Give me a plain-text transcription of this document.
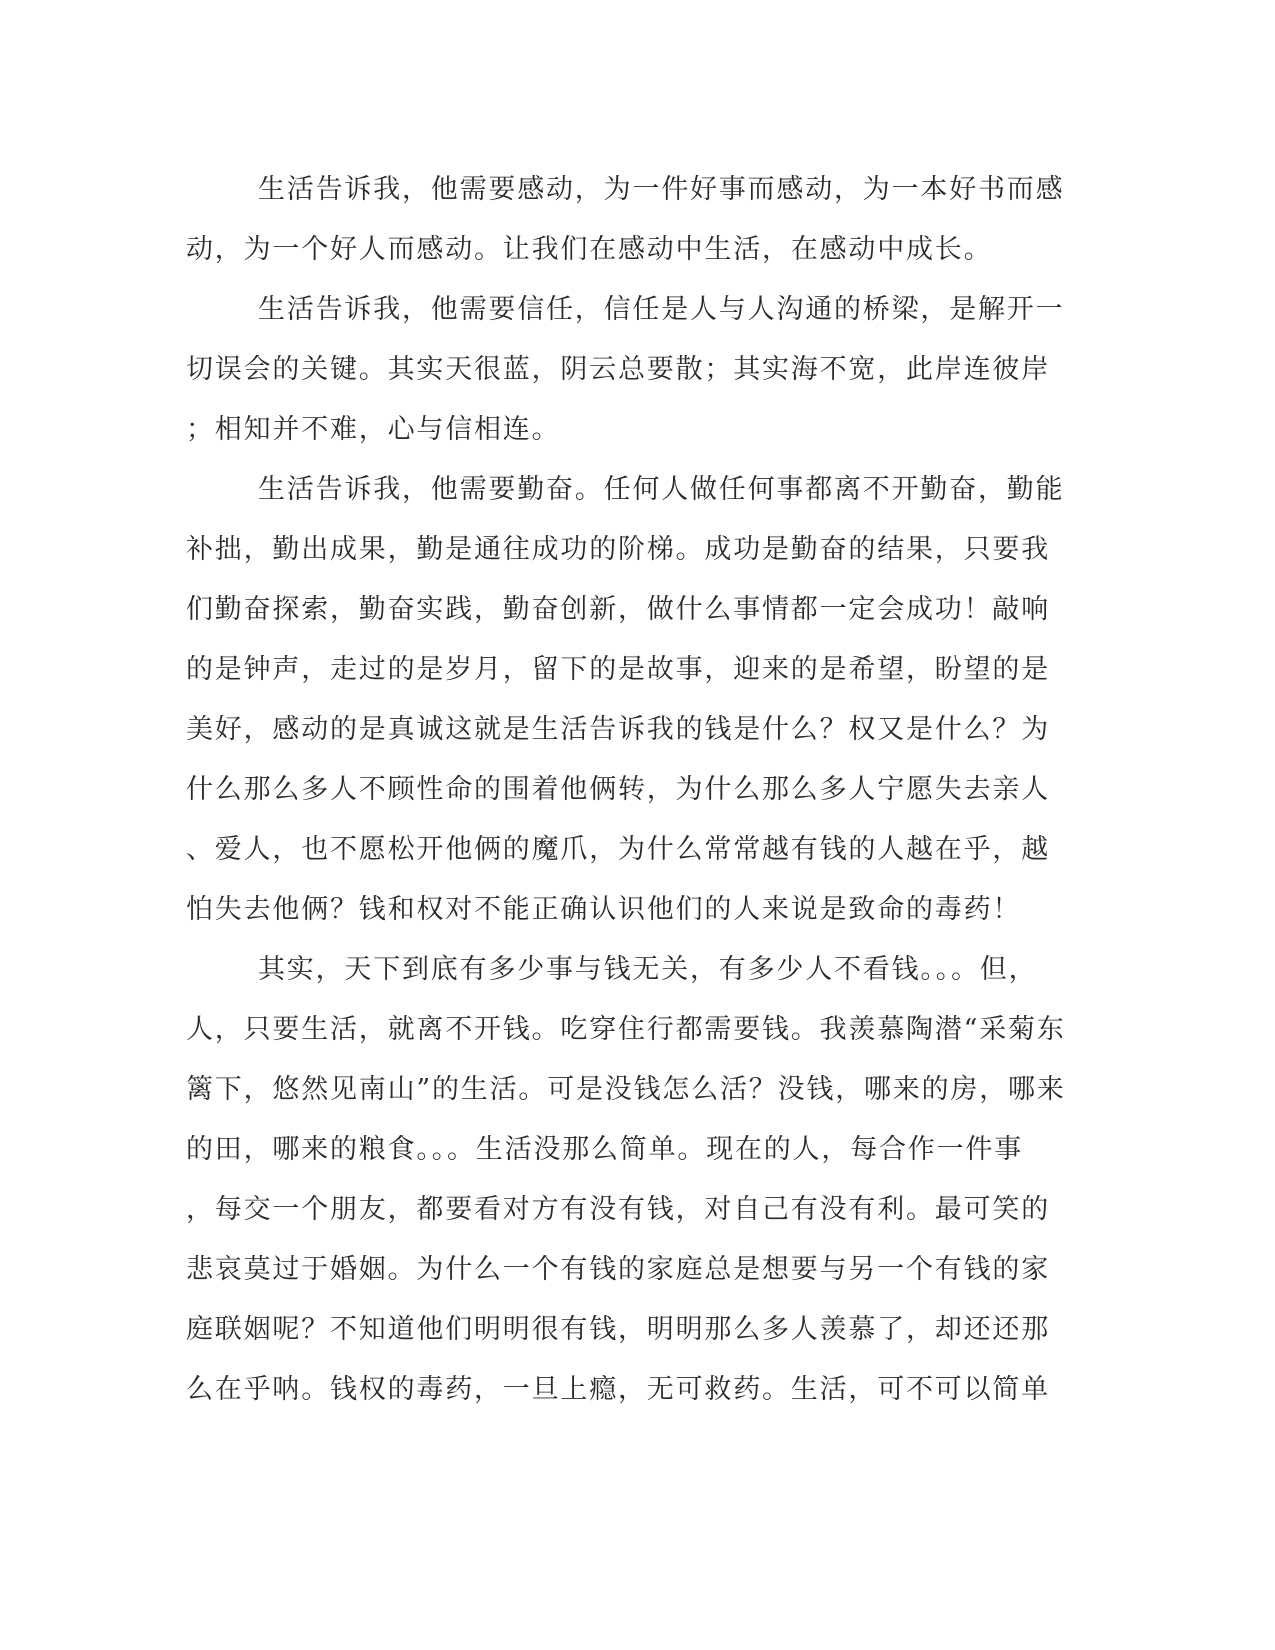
生活告诉我，他需要感动，为一件好事而感动，为一本好书而感
动，为一个好人而感动。让我们在感动中生活，在感动中成长。
生活告诉我，他需要信任，信任是人与人沟通的桥梁，是解开一
切误会的关键。其实天很蓝，阴云总要散；其实海不宽，此岸连彼岸
；相知并不难，心与信相连。
生活告诉我，他需要勤奋。任何人做任何事都离不开勤奋，勤能
补拙，勤出成果，勤是通往成功的阶梯。成功是勤奋的结果，只要我
们勤奋探索，勤奋实践，勤奋创新，做什么事情都一定会成功！敲响
的是钟声，走过的是岁月，留下的是故事，迎来的是希望，盼望的是
美好，感动的是真诚这就是生活告诉我的钱是什么？权又是什么？为
什么那么多人不顾性命的围着他俩转，为什么那么多人宁愿失去亲人
、爱人，也不愿松开他俩的魔爪，为什么常常越有钱的人越在乎，越
怕失去他俩？钱和权对不能正确认识他们的人来说是致命的毒药！
其实，天下到底有多少事与钱无关，有多少人不看钱。。。但，
人，只要生活，就离不开钱。吃穿住行都需要钱。我羡慕陶潜“采菊东
篱下，悠然见南山”的生活。可是没钱怎么活？没钱，哪来的房，哪来
的田，哪来的粮食。。。生活没那么简单。现在的人，每合作一件事
，每交一个朋友，都要看对方有没有钱，对自己有没有利。最可笑的
悲哀莫过于婚姻。为什么一个有钱的家庭总是想要与另一个有钱的家
庭联姻呢？不知道他们明明很有钱，明明那么多人羡慕了，却还还那
么在乎呐。钱权的毒药，一旦上瘾，无可救药。生活，可不可以简单
